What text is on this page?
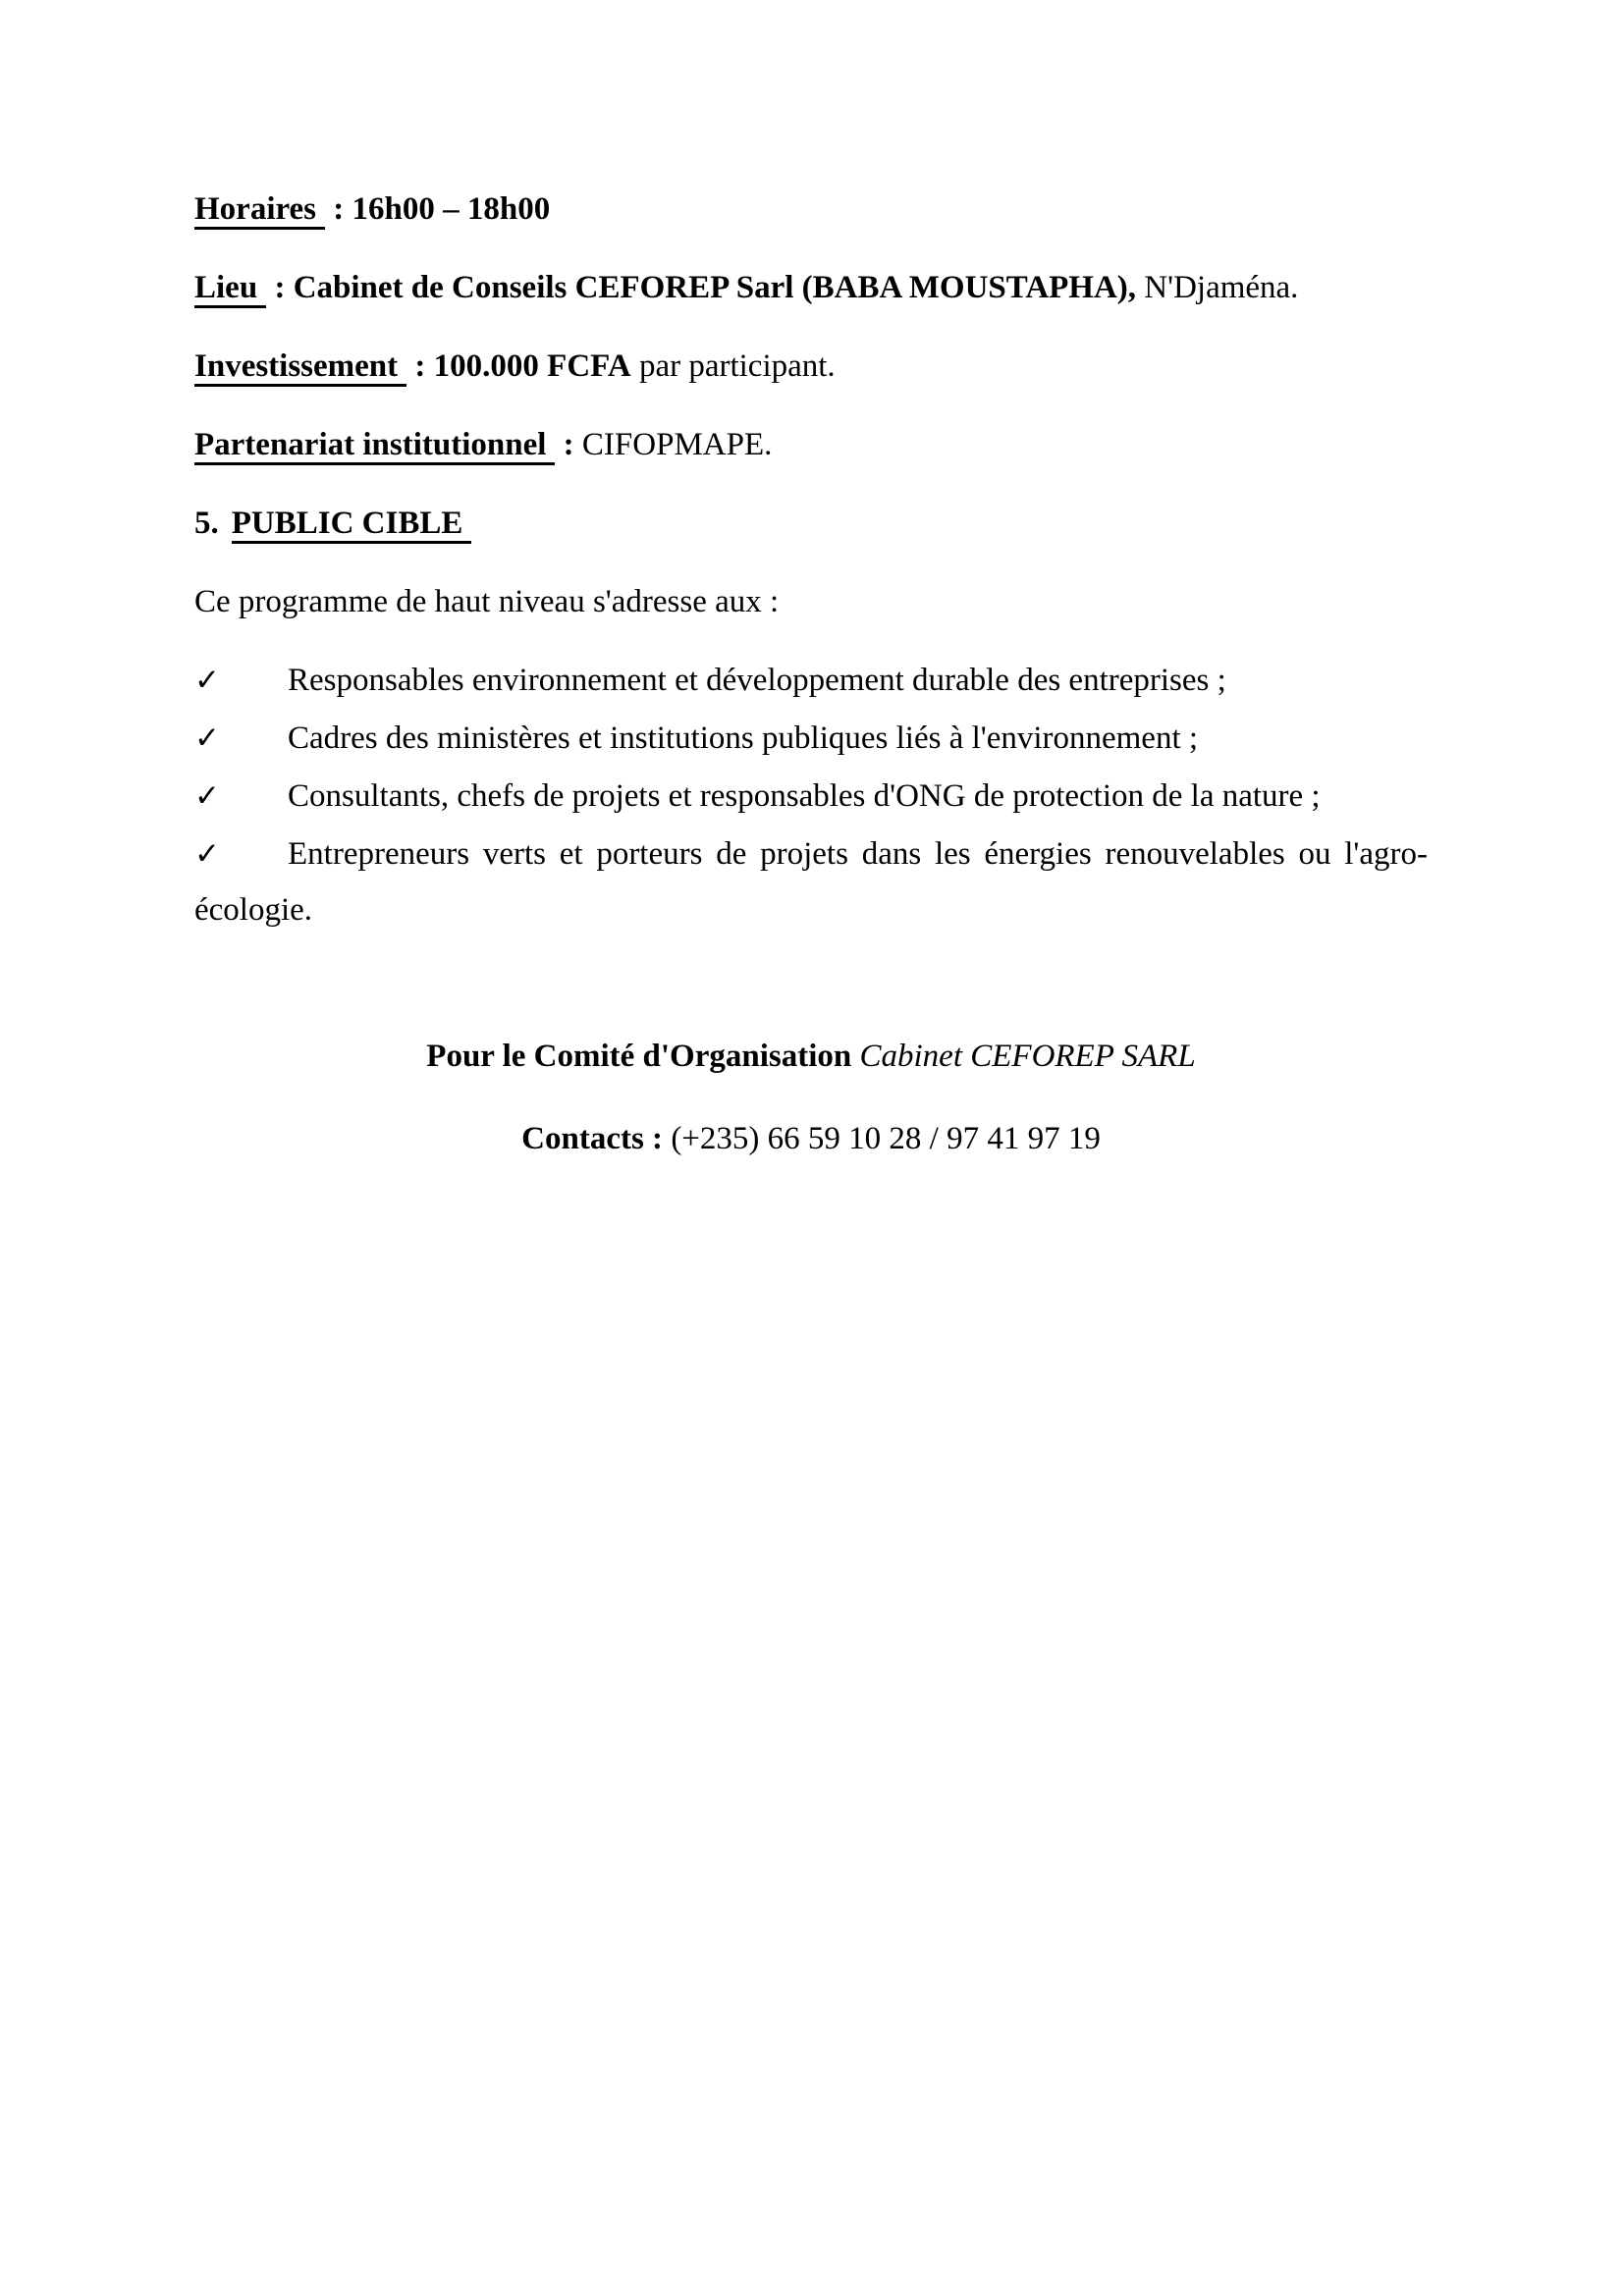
Horaires : 16h00 – 18h00

Lieu : Cabinet de Conseils CEFOREP Sarl (BABA MOUSTAPHA), N'Djaména.

Investissement : 100.000 FCFA par participant.

Partenariat institutionnel : CIFOPMAPE.

5. PUBLIC CIBLE

Ce programme de haut niveau s'adresse aux :

✓ Responsables environnement et développement durable des entreprises ;

✓ Cadres des ministères et institutions publiques liés à l'environnement ;

✓ Consultants, chefs de projets et responsables d'ONG de protection de la nature ;

✓ Entrepreneurs verts et porteurs de projets dans les énergies renouvelables ou l'agro-écologie.

Pour le Comité d'Organisation Cabinet CEFOREP SARL

Contacts : (+235) 66 59 10 28 / 97 41 97 19
